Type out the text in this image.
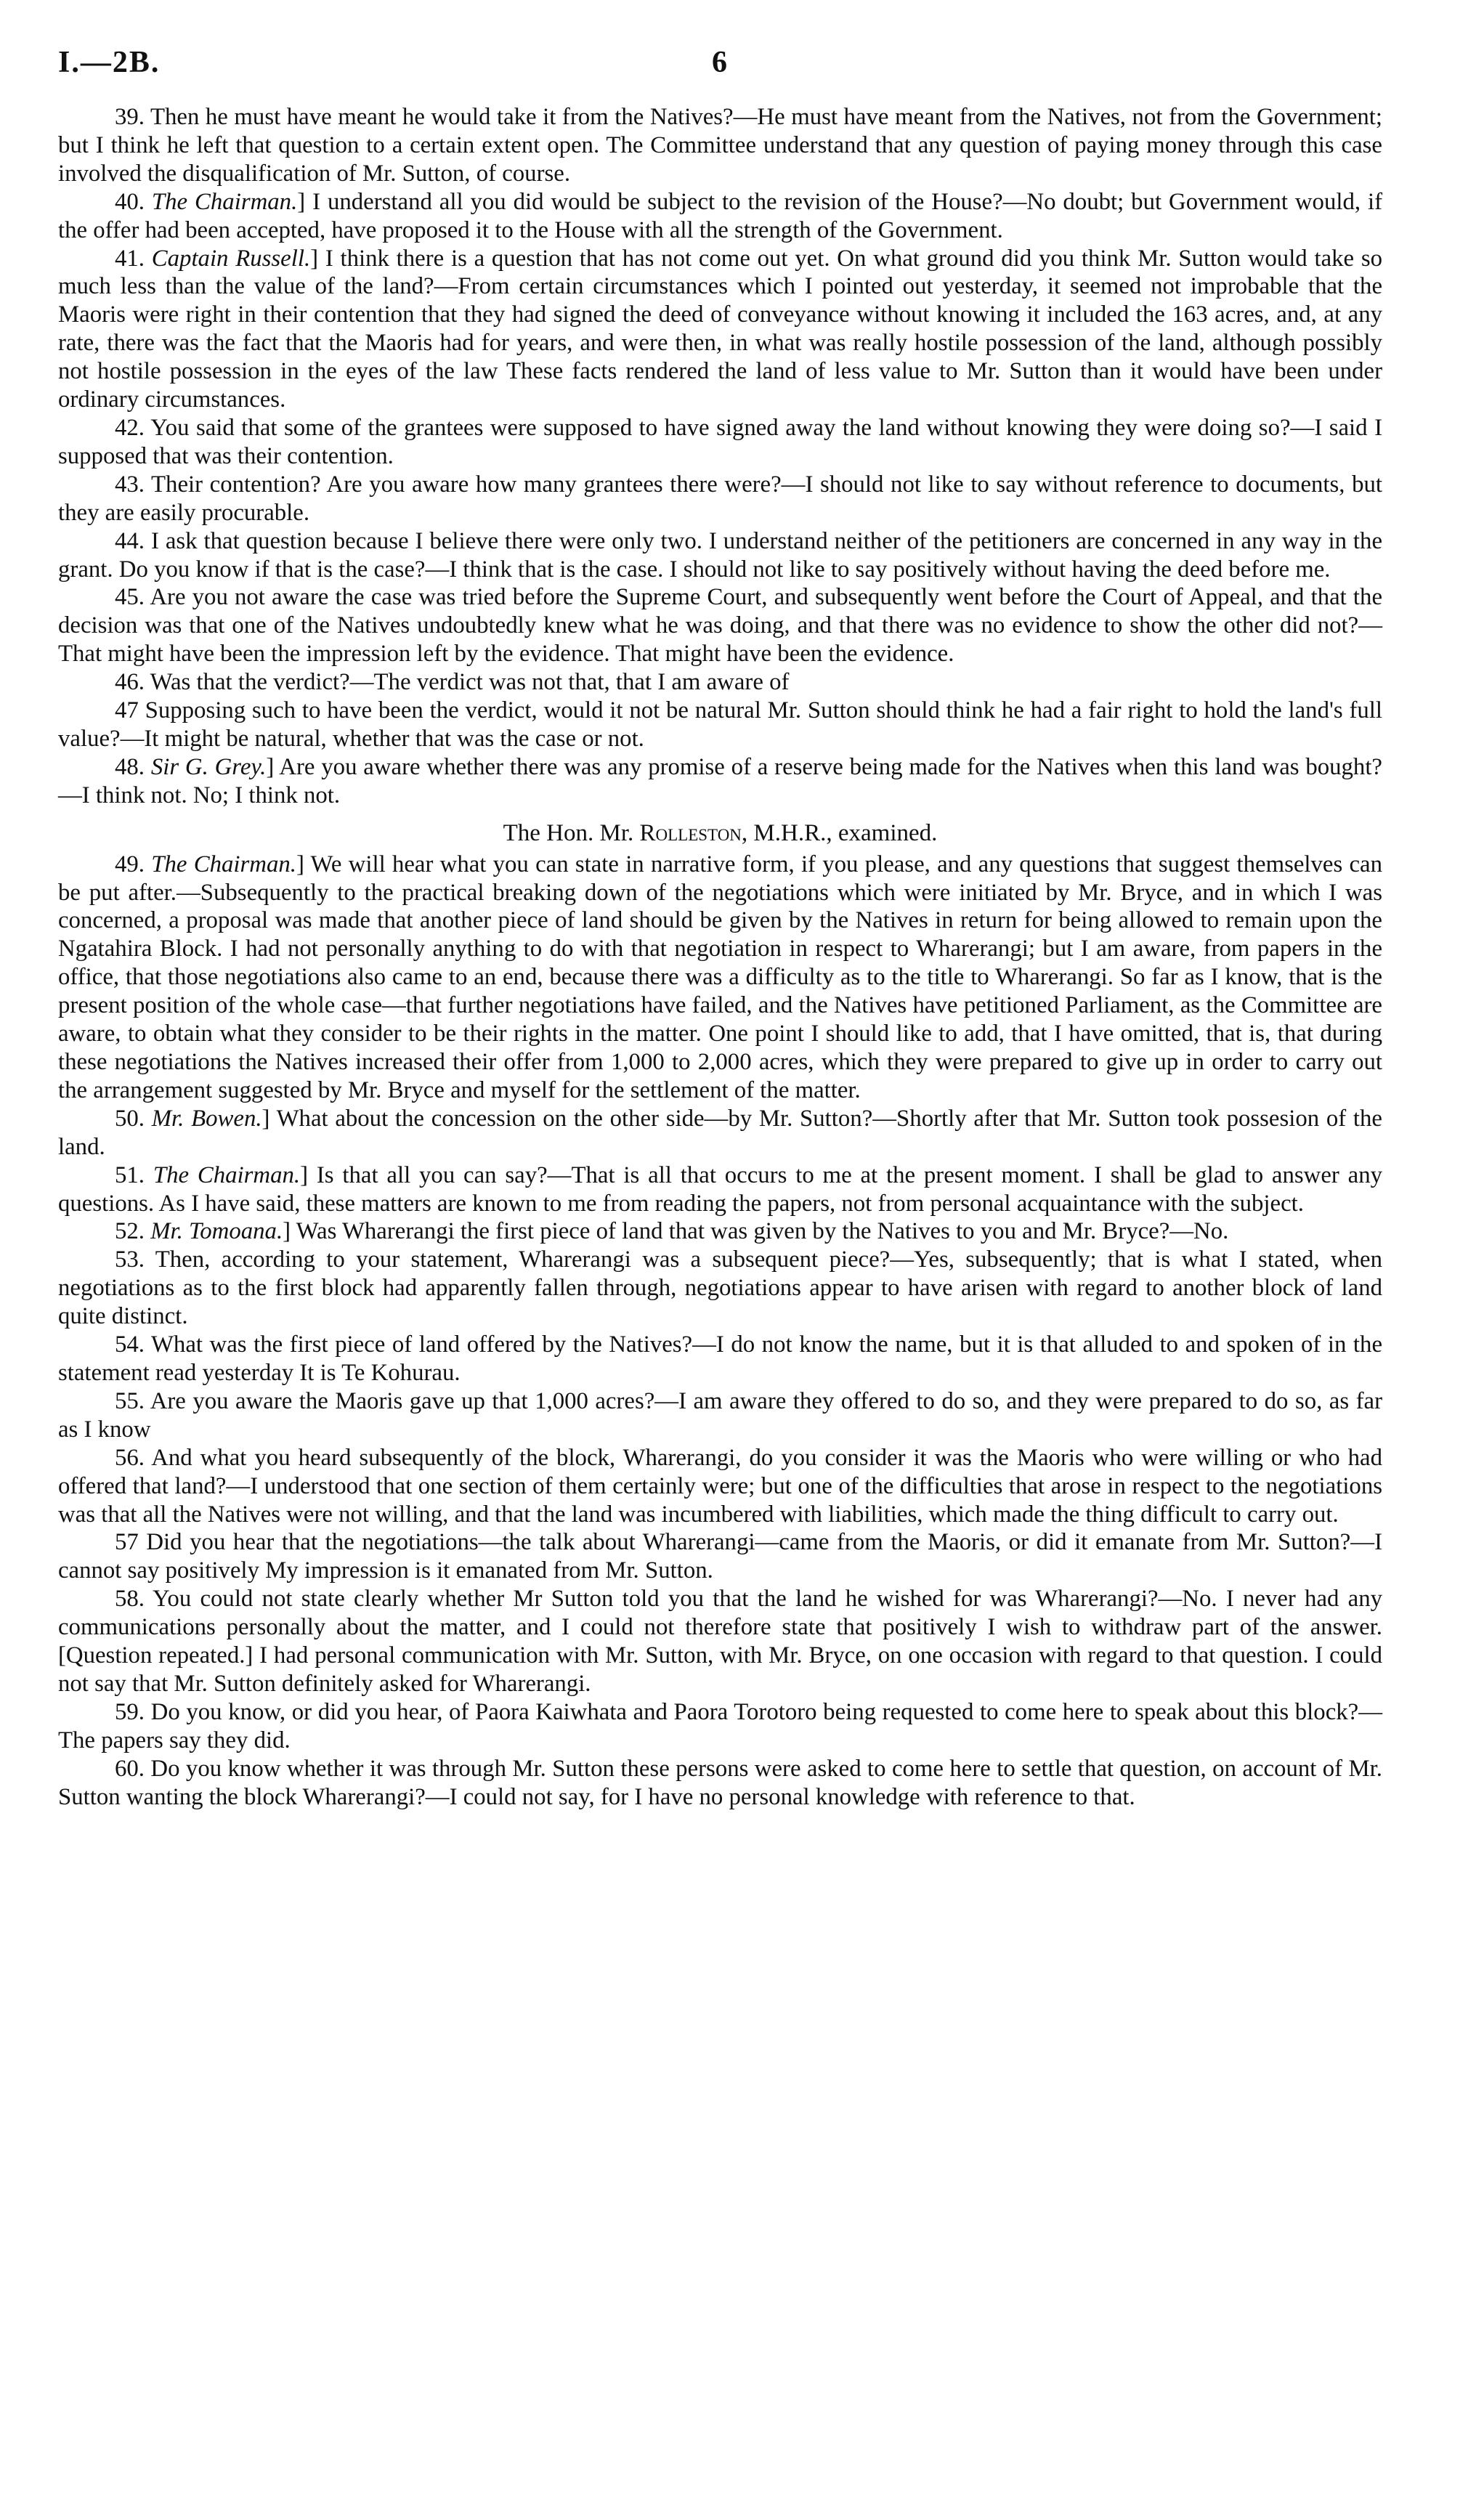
I.—2B.	6

39. Then he must have meant he would take it from the Natives?—He must have meant from the Natives, not from the Government; but I think he left that question to a certain extent open. The Committee understand that any question of paying money through this case involved the disqualification of Mr. Sutton, of course.

40. The Chairman.] I understand all you did would be subject to the revision of the House?—No doubt; but Government would, if the offer had been accepted, have proposed it to the House with all the strength of the Government.

41. Captain Russell.] I think there is a question that has not come out yet. On what ground did you think Mr. Sutton would take so much less than the value of the land?—From certain circumstances which I pointed out yesterday, it seemed not improbable that the Maoris were right in their contention that they had signed the deed of conveyance without knowing it included the 163 acres, and, at any rate, there was the fact that the Maoris had for years, and were then, in what was really hostile possession of the land, although possibly not hostile possession in the eyes of the law These facts rendered the land of less value to Mr. Sutton than it would have been under ordinary circumstances.

42. You said that some of the grantees were supposed to have signed away the land without knowing they were doing so?—I said I supposed that was their contention.

43. Their contention? Are you aware how many grantees there were?—I should not like to say without reference to documents, but they are easily procurable.

44. I ask that question because I believe there were only two. I understand neither of the petitioners are concerned in any way in the grant. Do you know if that is the case?—I think that is the case. I should not like to say positively without having the deed before me.

45. Are you not aware the case was tried before the Supreme Court, and subsequently went before the Court of Appeal, and that the decision was that one of the Natives undoubtedly knew what he was doing, and that there was no evidence to show the other did not?—That might have been the impression left by the evidence. That might have been the evidence.

46. Was that the verdict?—The verdict was not that, that I am aware of

47 Supposing such to have been the verdict, would it not be natural Mr. Sutton should think he had a fair right to hold the land's full value?—It might be natural, whether that was the case or not.

48. Sir G. Grey.] Are you aware whether there was any promise of a reserve being made for the Natives when this land was bought?—I think not. No; I think not.

The Hon. Mr. Rolleston, M.H.R., examined.

49. The Chairman.] We will hear what you can state in narrative form, if you please, and any questions that suggest themselves can be put after.—Subsequently to the practical breaking down of the negotiations which were initiated by Mr. Bryce, and in which I was concerned, a proposal was made that another piece of land should be given by the Natives in return for being allowed to remain upon the Ngatahira Block. I had not personally anything to do with that negotiation in respect to Wharerangi; but I am aware, from papers in the office, that those negotiations also came to an end, because there was a difficulty as to the title to Wharerangi. So far as I know, that is the present position of the whole case—that further negotiations have failed, and the Natives have petitioned Parliament, as the Committee are aware, to obtain what they consider to be their rights in the matter. One point I should like to add, that I have omitted, that is, that during these negotiations the Natives increased their offer from 1,000 to 2,000 acres, which they were prepared to give up in order to carry out the arrangement suggested by Mr. Bryce and myself for the settlement of the matter.

50. Mr. Bowen.] What about the concession on the other side—by Mr. Sutton?—Shortly after that Mr. Sutton took possesion of the land.

51. The Chairman.] Is that all you can say?—That is all that occurs to me at the present moment. I shall be glad to answer any questions. As I have said, these matters are known to me from reading the papers, not from personal acquaintance with the subject.

52. Mr. Tomoana.] Was Wharerangi the first piece of land that was given by the Natives to you and Mr. Bryce?—No.

53. Then, according to your statement, Wharerangi was a subsequent piece?—Yes, subsequently; that is what I stated, when negotiations as to the first block had apparently fallen through, negotiations appear to have arisen with regard to another block of land quite distinct.

54. What was the first piece of land offered by the Natives?—I do not know the name, but it is that alluded to and spoken of in the statement read yesterday It is Te Kohurau.

55. Are you aware the Maoris gave up that 1,000 acres?—I am aware they offered to do so, and they were prepared to do so, as far as I know

56. And what you heard subsequently of the block, Wharerangi, do you consider it was the Maoris who were willing or who had offered that land?—I understood that one section of them certainly were; but one of the difficulties that arose in respect to the negotiations was that all the Natives were not willing, and that the land was incumbered with liabilities, which made the thing difficult to carry out.

57 Did you hear that the negotiations—the talk about Wharerangi—came from the Maoris, or did it emanate from Mr. Sutton?—I cannot say positively My impression is it emanated from Mr. Sutton.

58. You could not state clearly whether Mr Sutton told you that the land he wished for was Wharerangi?—No. I never had any communications personally about the matter, and I could not therefore state that positively I wish to withdraw part of the answer. [Question repeated.] I had personal communication with Mr. Sutton, with Mr. Bryce, on one occasion with regard to that question. I could not say that Mr. Sutton definitely asked for Wharerangi.

59. Do you know, or did you hear, of Paora Kaiwhata and Paora Torotoro being requested to come here to speak about this block?—The papers say they did.

60. Do you know whether it was through Mr. Sutton these persons were asked to come here to settle that question, on account of Mr. Sutton wanting the block Wharerangi?—I could not say, for I have no personal knowledge with reference to that.
